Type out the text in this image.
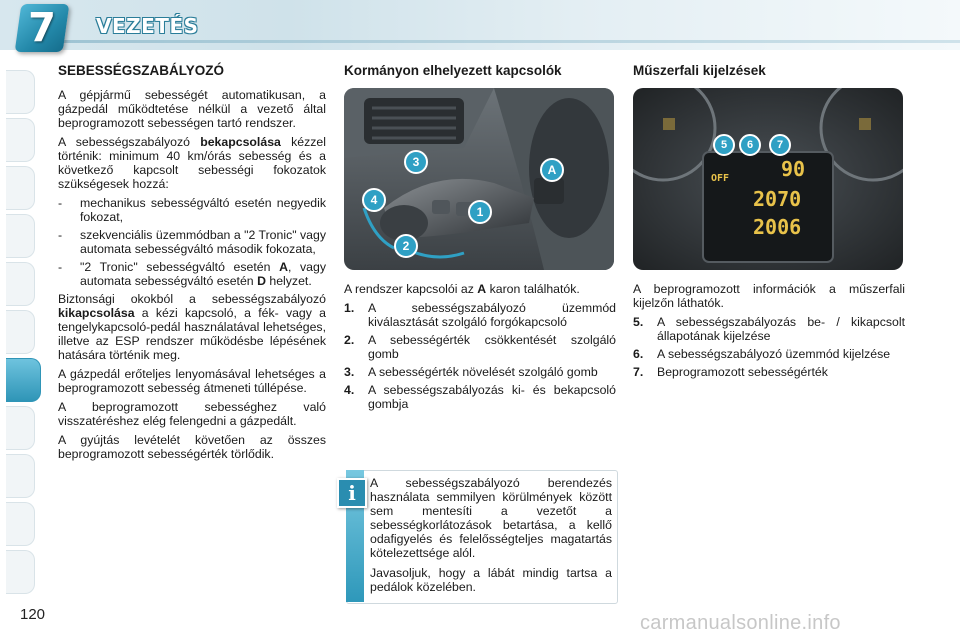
7	VEZETÉS
SEBESSÉGSZABÁLYOZÓ

A gépjármű sebességét automatikusan, a gázpedál működtetése nélkül a vezető által beprogramozott sebességen tartó rendszer.

A sebességszabályozó bekapcsolása kézzel történik: minimum 40 km/órás sebesség és a következő kapcsolt sebességi fokozatok szükségesek hozzá:

-	mechanikus sebességváltó esetén negyedik fokozat,
-	szekvenciális üzemmódban a "2 Tronic" vagy automata sebességváltó második fokozata,
-	"2 Tronic" sebességváltó esetén A, vagy automata sebességváltó esetén D helyzet.

Biztonsági okokból a sebességszabályozó kikapcsolása a kézi kapcsoló, a fék- vagy a tengelykapcsoló-pedál használatával lehetséges, illetve az ESP rendszer működésbe lépésének hatására történik meg.

A gázpedál erőteljes lenyomásával lehetséges a beprogramozott sebesség átmeneti túllépése.

A beprogramozott sebességhez való visszatéréshez elég felengedni a gázpedált.

A gyújtás levételét követően az összes beprogramozott sebességérték törlődik.

Kormányon elhelyezett kapcsolók
3
4
1
2
A

A rendszer kapcsolói az A karon találhatók.

1.	A sebességszabályozó üzemmód kiválasztását szolgáló forgókapcsoló
2.	A sebességérték csökkentését szolgáló gomb
3.	A sebességérték növelését szolgáló gomb
4.	A sebességszabályozás ki- és bekapcsoló gombja
Műszerfali kijelzések
5	6	7
OFF	90
2070
2006

A beprogramozott információk a műszerfali kijelzőn láthatók.

5.	A sebességszabályozás be- / kikapcsolt állapotának kijelzése
6.	A sebességszabályozó üzemmód kijelzése
7.	Beprogramozott sebességérték
i	A sebességszabályozó berendezés használata semmilyen körülmények között sem mentesíti a vezetőt a sebességkorlátozások betartása, a kellő odafigyelés és felelősségteljes magatartás kötelezettsége alól.

Javasoljuk, hogy a lábát mindig tartsa a pedálok közelében.

120	carmanualsonline.info
